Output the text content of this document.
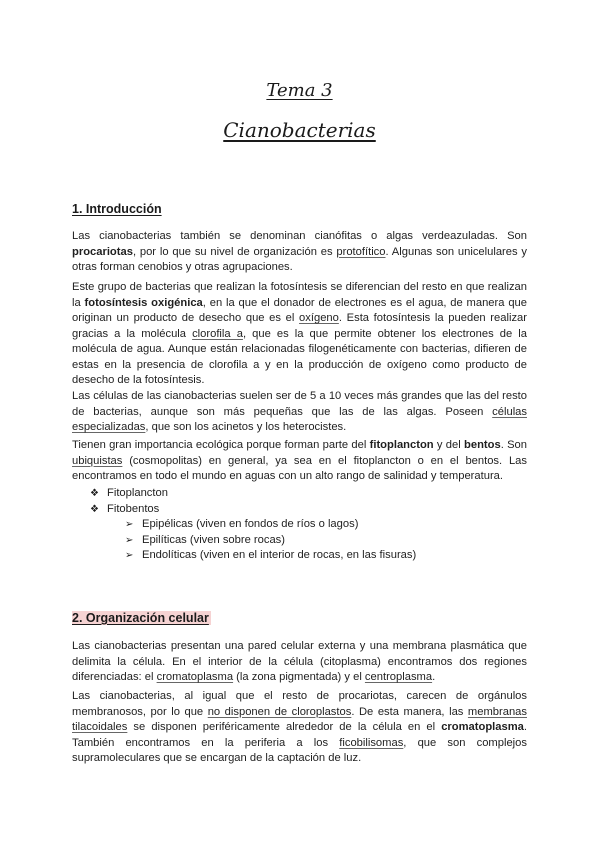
Tema 3
Cianobacterias
1. Introducción

Las cianobacterias también se denominan cianófitas o algas verdeazuladas. Son procariotas, por lo que su nivel de organización es protofítico. Algunas son unicelulares y otras forman cenobios y otras agrupaciones.

Este grupo de bacterias que realizan la fotosíntesis se diferencian del resto en que realizan la fotosíntesis oxigénica, en la que el donador de electrones es el agua, de manera que originan un producto de desecho que es el oxígeno. Esta fotosíntesis la pueden realizar gracias a la molécula clorofila a, que es la que permite obtener los electrones de la molécula de agua. Aunque están relacionadas filogenéticamente con bacterias, difieren de estas en la presencia de clorofila a y en la producción de oxígeno como producto de desecho de la fotosíntesis.

Las células de las cianobacterias suelen ser de 5 a 10 veces más grandes que las del resto de bacterias, aunque son más pequeñas que las de las algas. Poseen células especializadas, que son los acinetos y los heterocistes.

Tienen gran importancia ecológica porque forman parte del fitoplancton y del bentos. Son ubiquistas (cosmopolitas) en general, ya sea en el fitoplancton o en el bentos. Las encontramos en todo el mundo en aguas con un alto rango de salinidad y temperatura.

❖ Fitoplancton
❖ Fitobentos
➢ Epipélicas (viven en fondos de ríos o lagos)
➢ Epilíticas (viven sobre rocas)
➢ Endolíticas (viven en el interior de rocas, en las fisuras)
2. Organización celular

Las cianobacterias presentan una pared celular externa y una membrana plasmática que delimita la célula. En el interior de la célula (citoplasma) encontramos dos regiones diferenciadas: el cromatoplasma (la zona pigmentada) y el centroplasma.

Las cianobacterias, al igual que el resto de procariotas, carecen de orgánulos membranosos, por lo que no disponen de cloroplastos. De esta manera, las membranas tilacoidales se disponen periféricamente alrededor de la célula en el cromatoplasma. También encontramos en la periferia a los ficobilisomas, que son complejos supramoleculares que se encargan de la captación de luz.
